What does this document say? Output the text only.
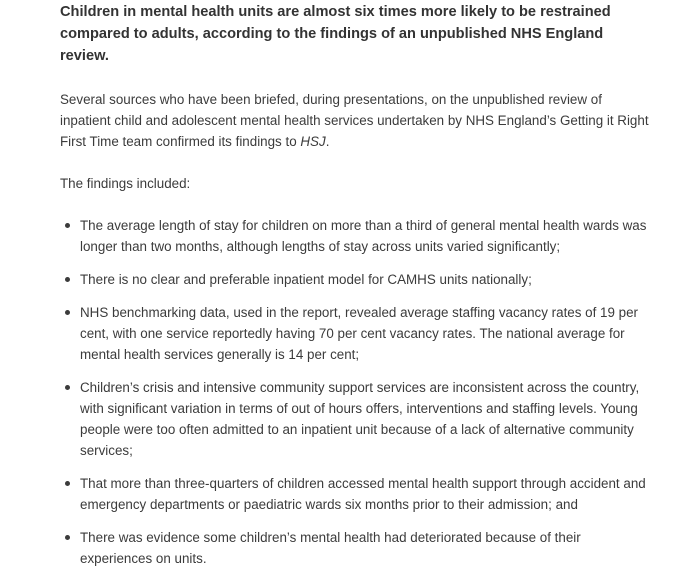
Children in mental health units are almost six times more likely to be restrained compared to adults, according to the findings of an unpublished NHS England review.

Several sources who have been briefed, during presentations, on the unpublished review of inpatient child and adolescent mental health services undertaken by NHS England’s Getting it Right First Time team confirmed its findings to HSJ.

The findings included:

The average length of stay for children on more than a third of general mental health wards was longer than two months, although lengths of stay across units varied significantly;
There is no clear and preferable inpatient model for CAMHS units nationally;
NHS benchmarking data, used in the report, revealed average staffing vacancy rates of 19 per cent, with one service reportedly having 70 per cent vacancy rates. The national average for mental health services generally is 14 per cent;
Children’s crisis and intensive community support services are inconsistent across the country, with significant variation in terms of out of hours offers, interventions and staffing levels. Young people were too often admitted to an inpatient unit because of a lack of alternative community services;
That more than three-quarters of children accessed mental health support through accident and emergency departments or paediatric wards six months prior to their admission; and
There was evidence some children’s mental health had deteriorated because of their experiences on units.
